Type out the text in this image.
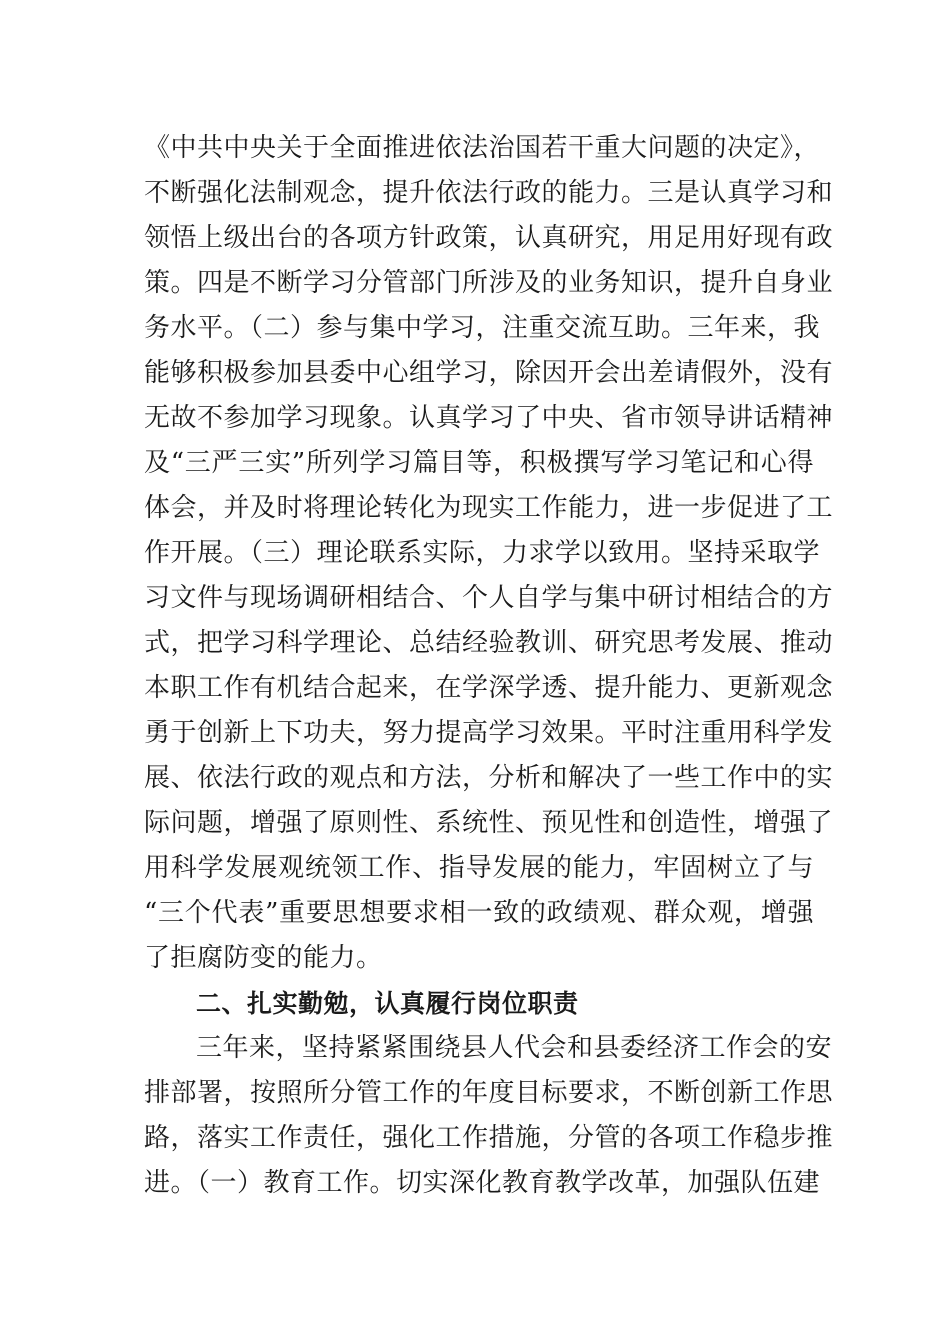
《中共中央关于全面推进依法治国若干重大问题的决定》，
不断强化法制观念，提升依法行政的能力。三是认真学习和
领悟上级出台的各项方针政策，认真研究，用足用好现有政
策。四是不断学习分管部门所涉及的业务知识，提升自身业
务水平。（二）参与集中学习，注重交流互助。三年来，我
能够积极参加县委中心组学习，除因开会出差请假外，没有
无故不参加学习现象。认真学习了中央、省市领导讲话精神
及“三严三实”所列学习篇目等，积极撰写学习笔记和心得
体会，并及时将理论转化为现实工作能力，进一步促进了工
作开展。（三）理论联系实际，力求学以致用。坚持采取学
习文件与现场调研相结合、个人自学与集中研讨相结合的方
式，把学习科学理论、总结经验教训、研究思考发展、推动
本职工作有机结合起来，在学深学透、提升能力、更新观念
勇于创新上下功夫，努力提高学习效果。平时注重用科学发
展、依法行政的观点和方法，分析和解决了一些工作中的实
际问题，增强了原则性、系统性、预见性和创造性，增强了
用科学发展观统领工作、指导发展的能力，牢固树立了与
“三个代表”重要思想要求相一致的政绩观、群众观，增强
了拒腐防变的能力。
二、扎实勤勉，认真履行岗位职责
三年来，坚持紧紧围绕县人代会和县委经济工作会的安
排部署，按照所分管工作的年度目标要求，不断创新工作思
路，落实工作责任，强化工作措施，分管的各项工作稳步推
进。（一）教育工作。切实深化教育教学改革，加强队伍建
